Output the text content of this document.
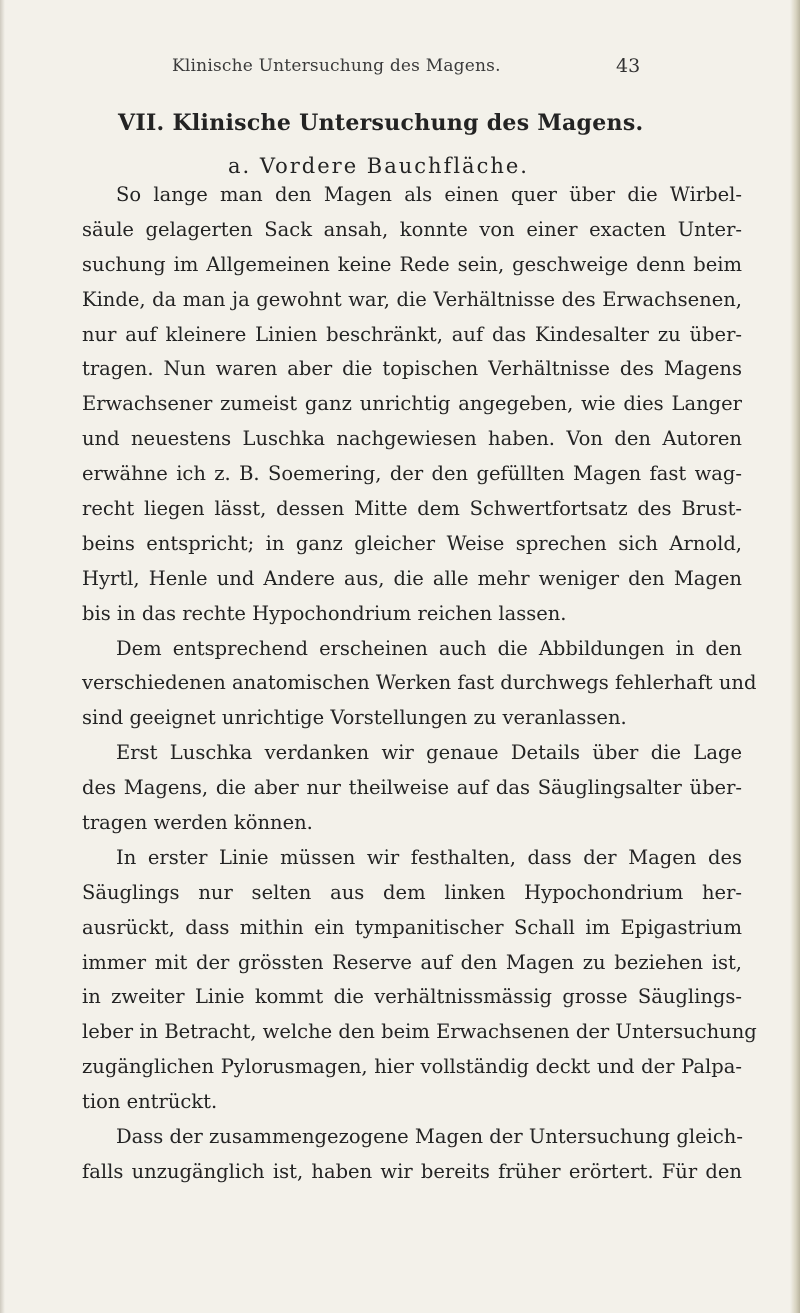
Klinische Untersuchung des Magens.	43
VII. Klinische Untersuchung des Magens.
a. Vordere Bauchfläche.
So lange man den Magen als einen quer über die Wirbel-
säule gelagerten Sack ansah, konnte von einer exacten Unter-
suchung im Allgemeinen keine Rede sein, geschweige denn beim
Kinde, da man ja gewohnt war, die Verhältnisse des Erwachsenen,
nur auf kleinere Linien beschränkt, auf das Kindesalter zu über-
tragen. Nun waren aber die topischen Verhältnisse des Magens
Erwachsener zumeist ganz unrichtig angegeben, wie dies Langer
und neuestens Luschka nachgewiesen haben. Von den Autoren
erwähne ich z. B. Soemering, der den gefüllten Magen fast wag-
recht liegen lässt, dessen Mitte dem Schwertfortsatz des Brust-
beins entspricht; in ganz gleicher Weise sprechen sich Arnold,
Hyrtl, Henle und Andere aus, die alle mehr weniger den Magen
bis in das rechte Hypochondrium reichen lassen.
Dem entsprechend erscheinen auch die Abbildungen in den
verschiedenen anatomischen Werken fast durchwegs fehlerhaft und
sind geeignet unrichtige Vorstellungen zu veranlassen.
Erst Luschka verdanken wir genaue Details über die Lage
des Magens, die aber nur theilweise auf das Säuglingsalter über-
tragen werden können.
In erster Linie müssen wir festhalten, dass der Magen des
Säuglings nur selten aus dem linken Hypochondrium her-
ausrückt, dass mithin ein tympanitischer Schall im Epigastrium
immer mit der grössten Reserve auf den Magen zu beziehen ist,
in zweiter Linie kommt die verhältnissmässig grosse Säuglings-
leber in Betracht, welche den beim Erwachsenen der Untersuchung
zugänglichen Pylorusmagen, hier vollständig deckt und der Palpa-
tion entrückt.
Dass der zusammengezogene Magen der Untersuchung gleich-
falls unzugänglich ist, haben wir bereits früher erörtert. Für den
